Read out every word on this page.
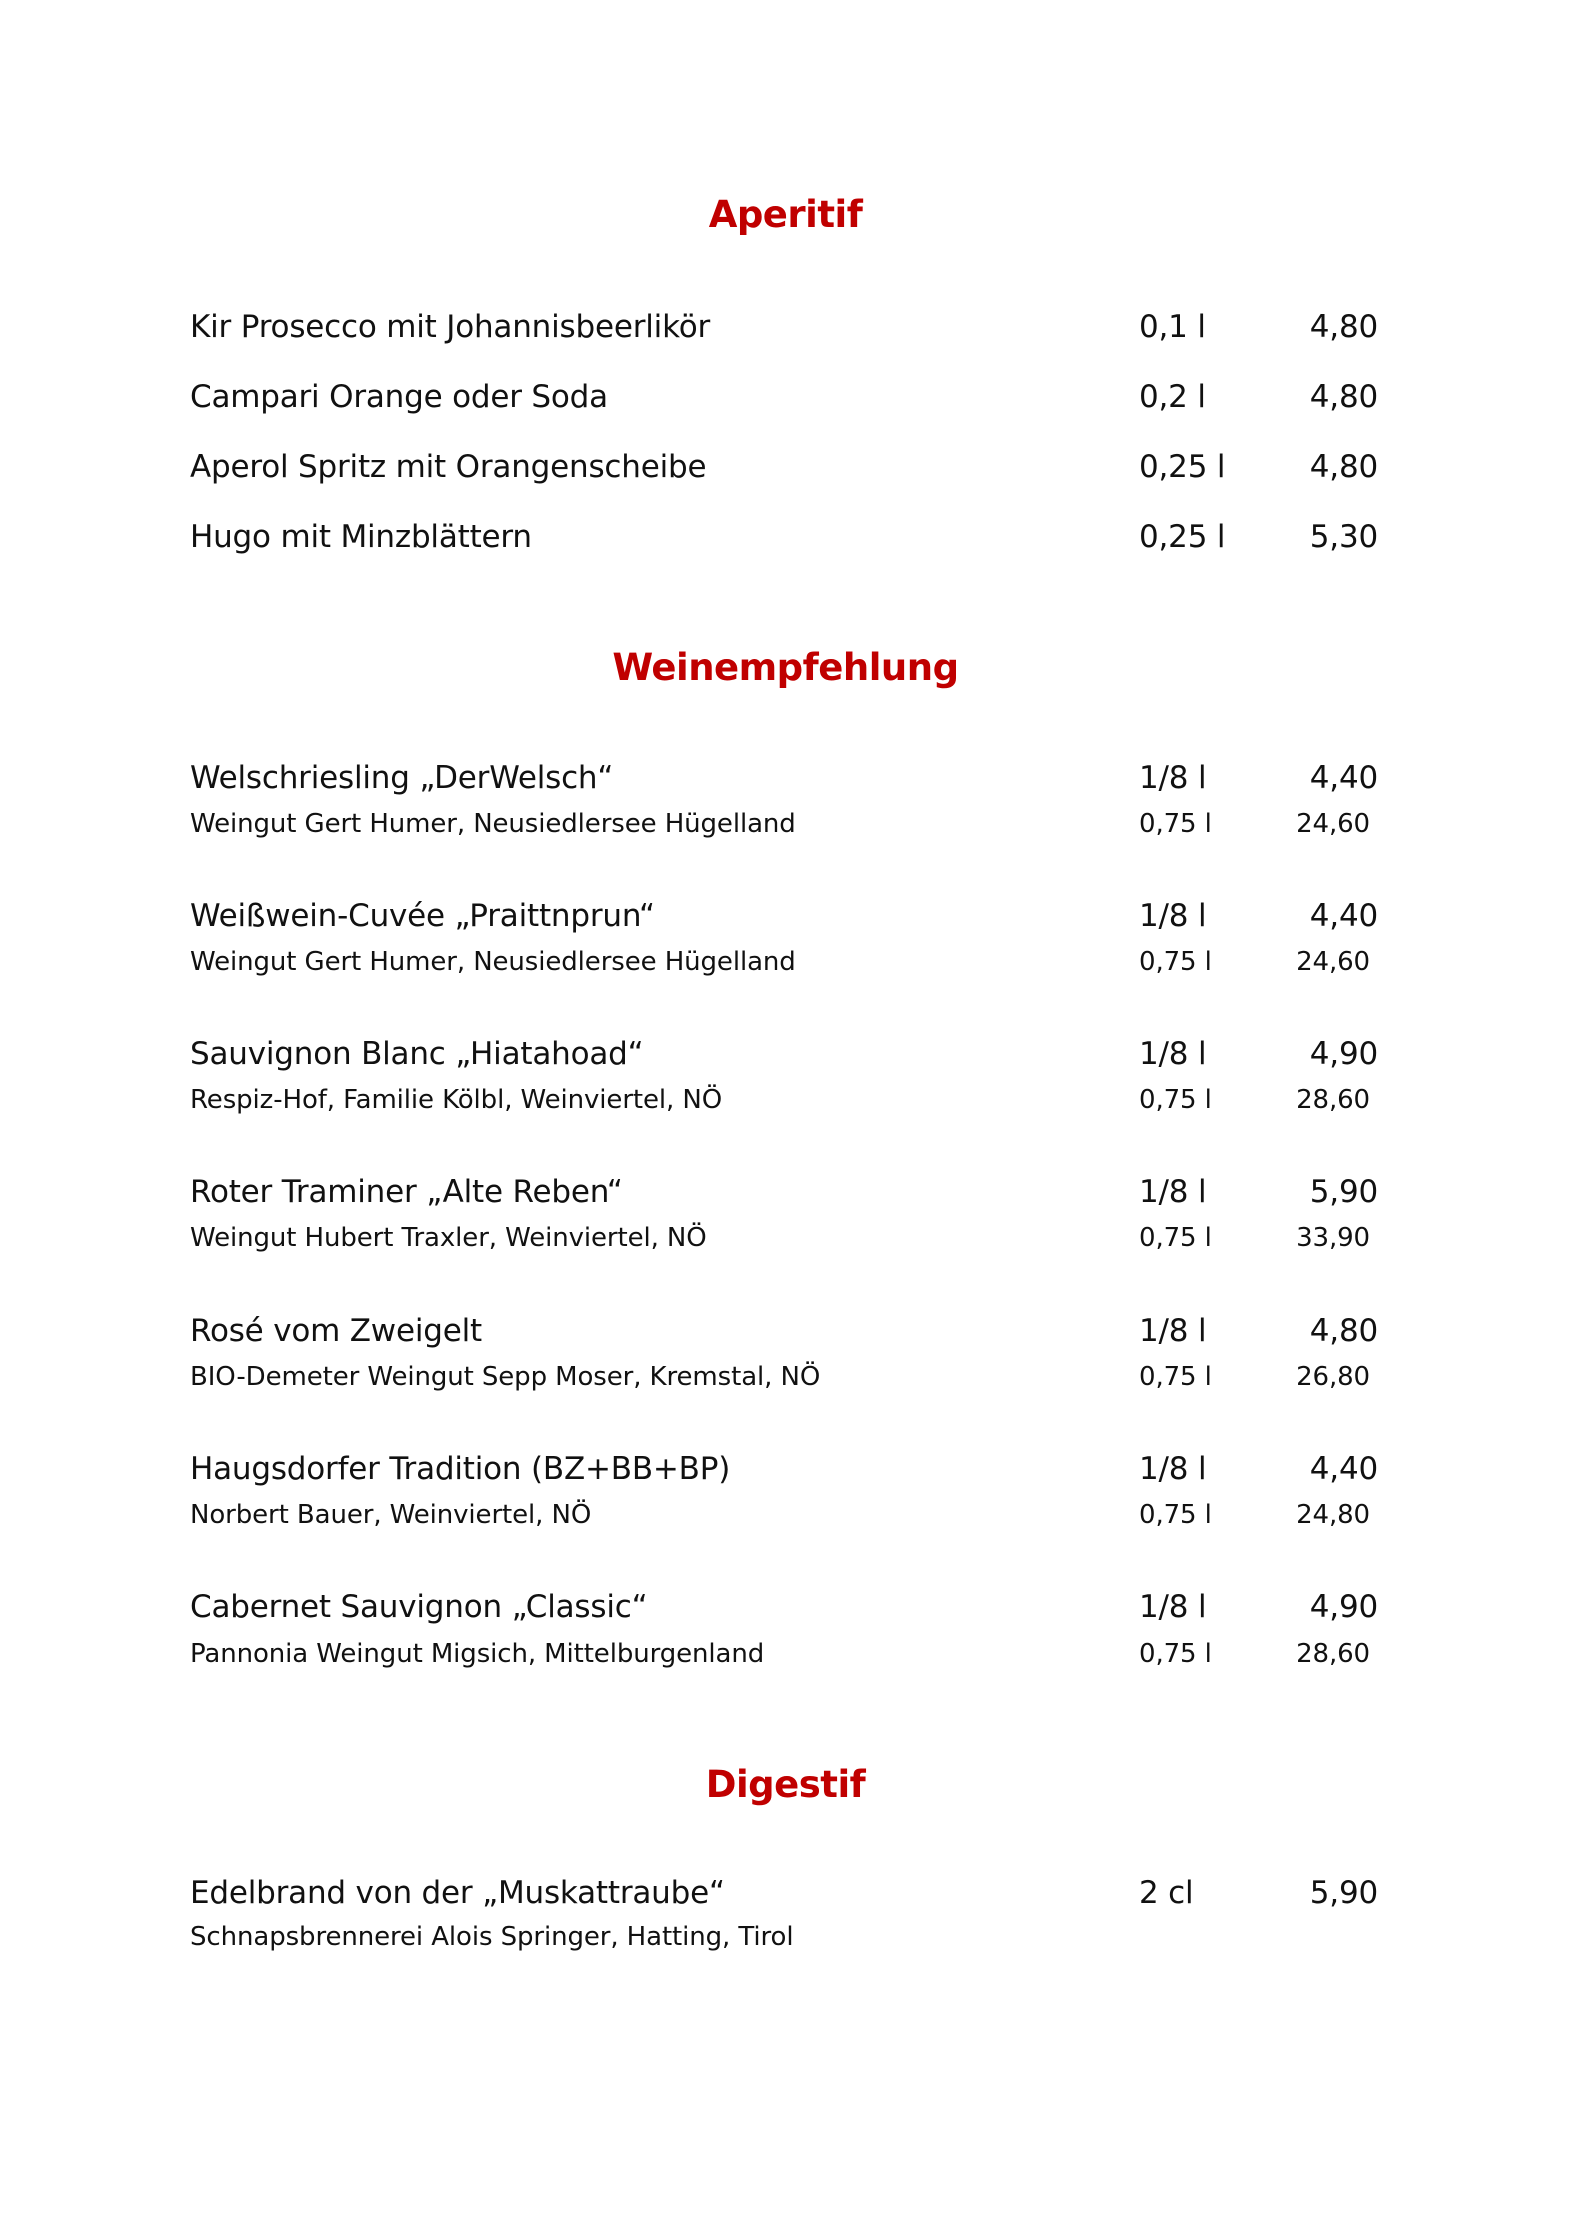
Aperitif
Kir Prosecco mit Johannisbeerlikör	0,1 l	4,80
Campari Orange oder Soda	0,2 l	4,80
Aperol Spritz mit Orangenscheibe	0,25 l	4,80
Hugo mit Minzblättern	0,25 l	5,30
Weinempfehlung
Welschriesling „DerWelsch“	1/8 l	4,40
Weingut Gert Humer, Neusiedlersee Hügelland	0,75 l	24,60
Weißwein-Cuvée „Praittnprun“	1/8 l	4,40
Weingut Gert Humer, Neusiedlersee Hügelland	0,75 l	24,60
Sauvignon Blanc „Hiatahoad“	1/8 l	4,90
Respiz-Hof, Familie Kölbl, Weinviertel, NÖ	0,75 l	28,60
Roter Traminer „Alte Reben“	1/8 l	5,90
Weingut Hubert Traxler, Weinviertel, NÖ	0,75 l	33,90
Rosé vom Zweigelt	1/8 l	4,80
BIO-Demeter Weingut Sepp Moser, Kremstal, NÖ	0,75 l	26,80
Haugsdorfer Tradition (BZ+BB+BP)	1/8 l	4,40
Norbert Bauer, Weinviertel, NÖ	0,75 l	24,80
Cabernet Sauvignon „Classic“	1/8 l	4,90
Pannonia Weingut Migsich, Mittelburgenland	0,75 l	28,60
Digestif
Edelbrand von der „Muskattraube“	2 cl	5,90
Schnapsbrennerei Alois Springer, Hatting, Tirol
